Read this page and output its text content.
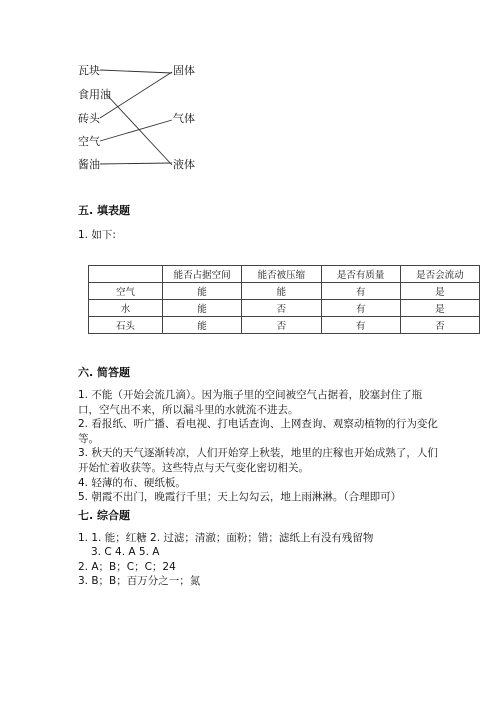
瓦块
食用油
砖头
空气
酱油
固体
气体
液体
五. 填表题
1. 如下:
	能否占据空间	能否被压缩	是否有质量	是否会流动
空气	能	能	有	是
水	能	否	有	是
石头	能	否	有	否
六. 简答题
1. 不能（开始会流几滴）。因为瓶子里的空间被空气占据着，胶塞封住了瓶
口，空气出不来，所以漏斗里的水就流不进去。
2. 看报纸、听广播、看电视、打电话查询、上网查询、观察动植物的行为变化
等。
3. 秋天的天气逐渐转凉，人们开始穿上秋装，地里的庄稼也开始成熟了，人们
开始忙着收获等。这些特点与天气变化密切相关。
4. 轻薄的布、硬纸板。
5. 朝霞不出门，晚霞行千里；天上勾勾云，地上雨淋淋。（合理即可）
七. 综合题
1. 1. 能；红糖 2. 过滤；清澈；面粉；错；滤纸上有没有残留物
3. C 4. A 5. A
2. A；B；C；C；24
3. B；B；百万分之一；氮
